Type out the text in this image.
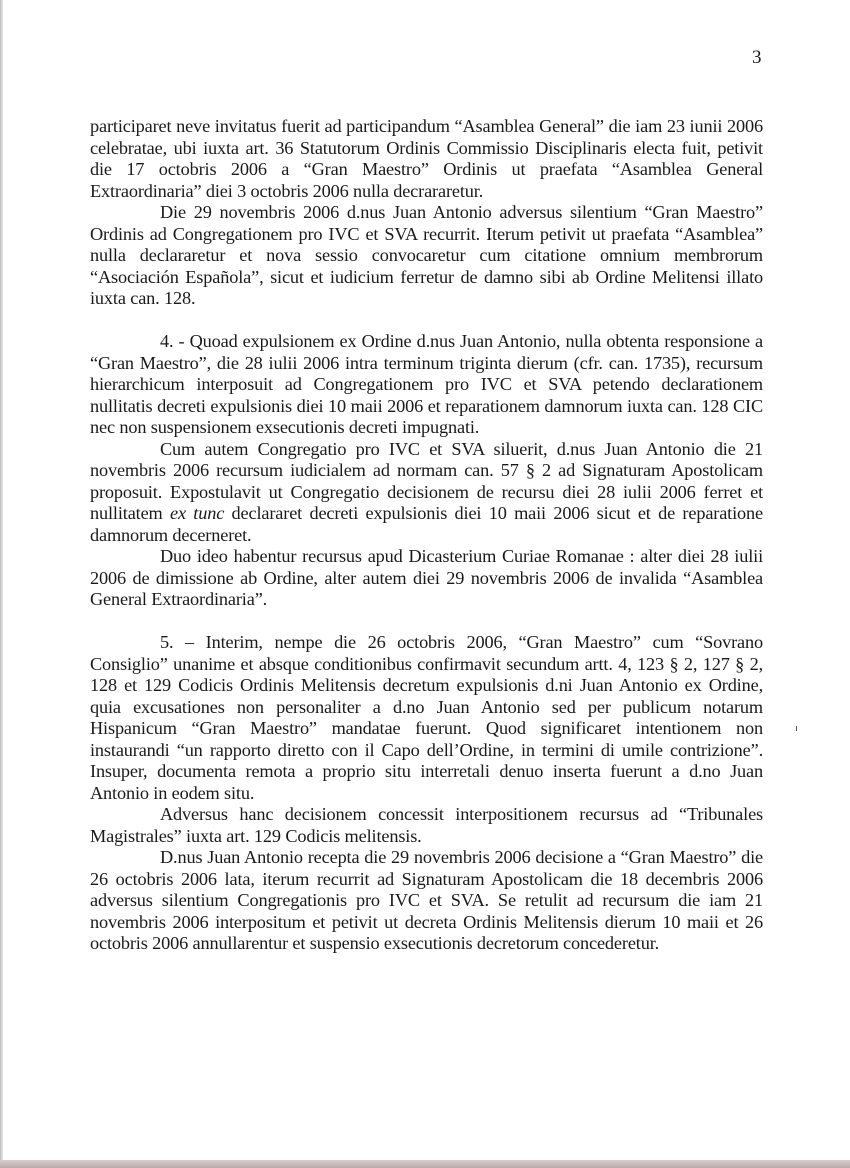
3

participaret neve invitatus fuerit ad participandum “Asamblea General” die iam 23 iunii 2006 celebratae, ubi iuxta art. 36 Statutorum Ordinis Commissio Disciplinaris electa fuit, petivit die 17 octobris 2006 a “Gran Maestro” Ordinis ut praefata “Asamblea General Extraordinaria” diei 3 octobris 2006 nulla decrararetur.

Die 29 novembris 2006 d.nus Juan Antonio adversus silentium “Gran Maestro” Ordinis ad Congregationem pro IVC et SVA recurrit. Iterum petivit ut praefata “Asamblea” nulla declararetur et nova sessio convocaretur cum citatione omnium membrorum “Asociación Española”, sicut et iudicium ferretur de damno sibi ab Ordine Melitensi illato iuxta can. 128.

4. - Quoad expulsionem ex Ordine d.nus Juan Antonio, nulla obtenta responsione a “Gran Maestro”, die 28 iulii 2006 intra terminum triginta dierum (cfr. can. 1735), recursum hierarchicum interposuit ad Congregationem pro IVC et SVA petendo declarationem nullitatis decreti expulsionis diei 10 maii 2006 et reparationem damnorum iuxta can. 128 CIC nec non suspensionem exsecutionis decreti impugnati.

Cum autem Congregatio pro IVC et SVA siluerit, d.nus Juan Antonio die 21 novembris 2006 recursum iudicialem ad normam can. 57 § 2 ad Signaturam Apostolicam proposuit. Expostulavit ut Congregatio decisionem de recursu diei 28 iulii 2006 ferret et nullitatem ex tunc declararet decreti expulsionis diei 10 maii 2006 sicut et de reparatione damnorum decerneret.

Duo ideo habentur recursus apud Dicasterium Curiae Romanae : alter diei 28 iulii 2006 de dimissione ab Ordine, alter autem diei 29 novembris 2006 de invalida “Asamblea General Extraordinaria”.

5. – Interim, nempe die 26 octobris 2006, “Gran Maestro” cum “Sovrano Consiglio” unanime et absque conditionibus confirmavit secundum artt. 4, 123 § 2, 127 § 2, 128 et 129 Codicis Ordinis Melitensis decretum expulsionis d.ni Juan Antonio ex Ordine, quia excusationes non personaliter a d.no Juan Antonio sed per publicum notarum Hispanicum “Gran Maestro” mandatae fuerunt. Quod significaret intentionem non instaurandi “un rapporto diretto con il Capo dell’Ordine, in termini di umile contrizione”. Insuper, documenta remota a proprio situ interretali denuo inserta fuerunt a d.no Juan Antonio in eodem situ.

Adversus hanc decisionem concessit interpositionem recursus ad “Tribunales Magistrales” iuxta art. 129 Codicis melitensis.

D.nus Juan Antonio recepta die 29 novembris 2006 decisione a “Gran Maestro” die 26 octobris 2006 lata, iterum recurrit ad Signaturam Apostolicam die 18 decembris 2006 adversus silentium Congregationis pro IVC et SVA. Se retulit ad recursum die iam 21 novembris 2006 interpositum et petivit ut decreta Ordinis Melitensis dierum 10 maii et 26 octobris 2006 annullarentur et suspensio exsecutionis decretorum concederetur.
